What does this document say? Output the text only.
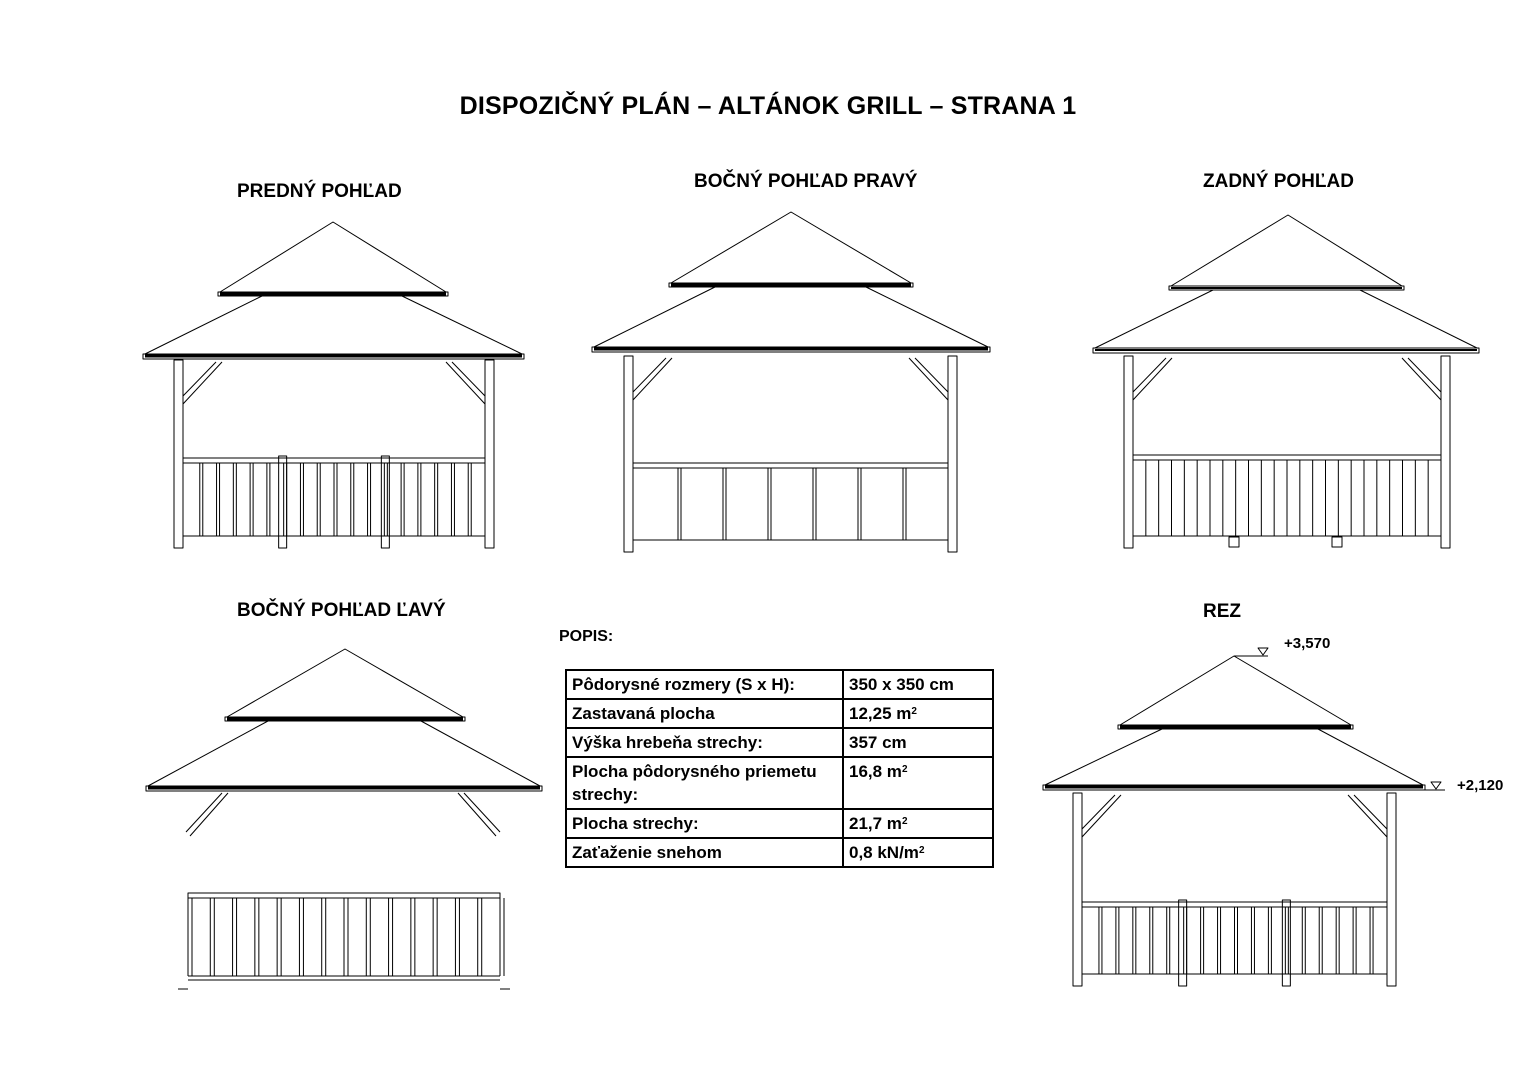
DISPOZIČNÝ PLÁN – ALTÁNOK GRILL – STRANA 1
PREDNÝ POHĽAD	BOČNÝ POHĽAD PRAVÝ	ZADNÝ POHĽAD
BOČNÝ POHĽAD ĽAVÝ	REZ
POPIS:
Pôdorysné rozmery (S x H):	350 x 350 cm
Zastavaná plocha	12,25 $m^2$
Výška hrebeňa strechy:	357 cm
Plocha pôdorysného priemetu strechy:	16,8 $m^2$
Plocha strechy:	21,7 $m^2$
Zaťaženie snehom	0,8 $kN/m^2$
+3,570
+2,120
